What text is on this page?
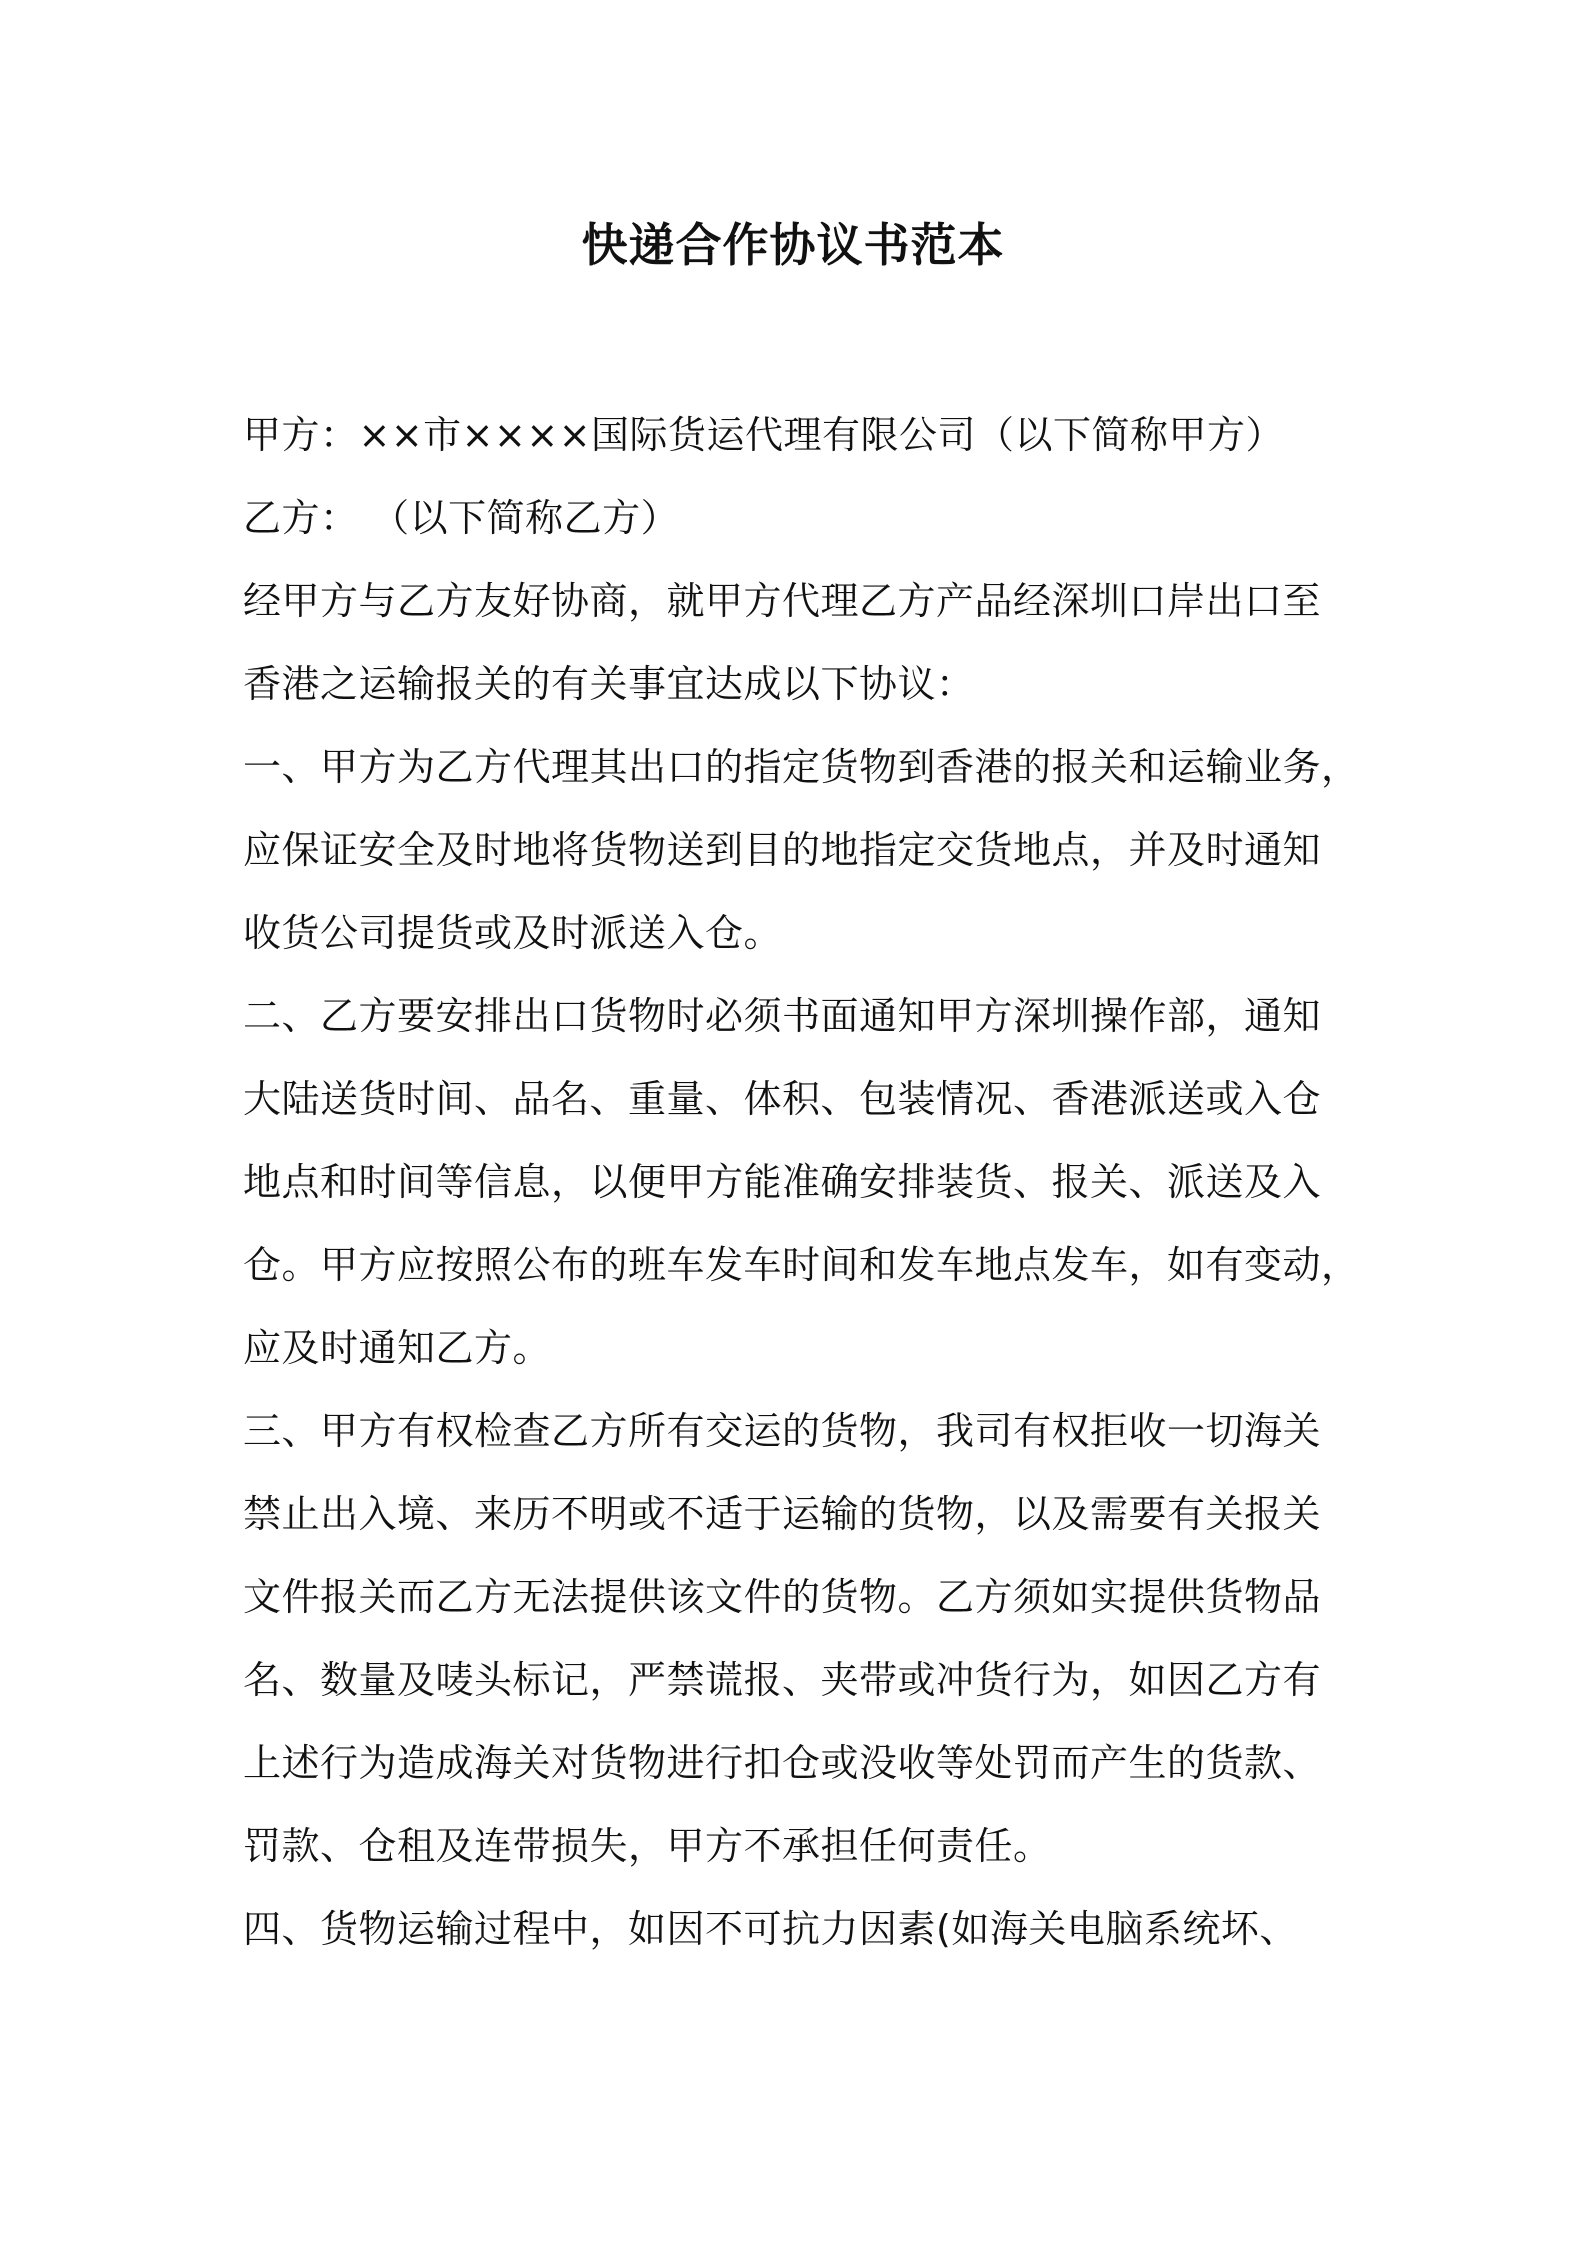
快递合作协议书范本
甲方：××市××××国际货运代理有限公司（以下简称甲方）
乙方： （以下简称乙方）
经甲方与乙方友好协商，就甲方代理乙方产品经深圳口岸出口至
香港之运输报关的有关事宜达成以下协议：
一、甲方为乙方代理其出口的指定货物到香港的报关和运输业务，
应保证安全及时地将货物送到目的地指定交货地点，并及时通知
收货公司提货或及时派送入仓。
二、乙方要安排出口货物时必须书面通知甲方深圳操作部，通知
大陆送货时间、品名、重量、体积、包装情况、香港派送或入仓
地点和时间等信息，以便甲方能准确安排装货、报关、派送及入
仓。甲方应按照公布的班车发车时间和发车地点发车，如有变动，
应及时通知乙方。
三、甲方有权检查乙方所有交运的货物，我司有权拒收一切海关
禁止出入境、来历不明或不适于运输的货物，以及需要有关报关
文件报关而乙方无法提供该文件的货物。乙方须如实提供货物品
名、数量及唛头标记，严禁谎报、夹带或冲货行为，如因乙方有
上述行为造成海关对货物进行扣仓或没收等处罚而产生的货款、
罚款、仓租及连带损失，甲方不承担任何责任。
四、货物运输过程中，如因不可抗力因素(如海关电脑系统坏、
